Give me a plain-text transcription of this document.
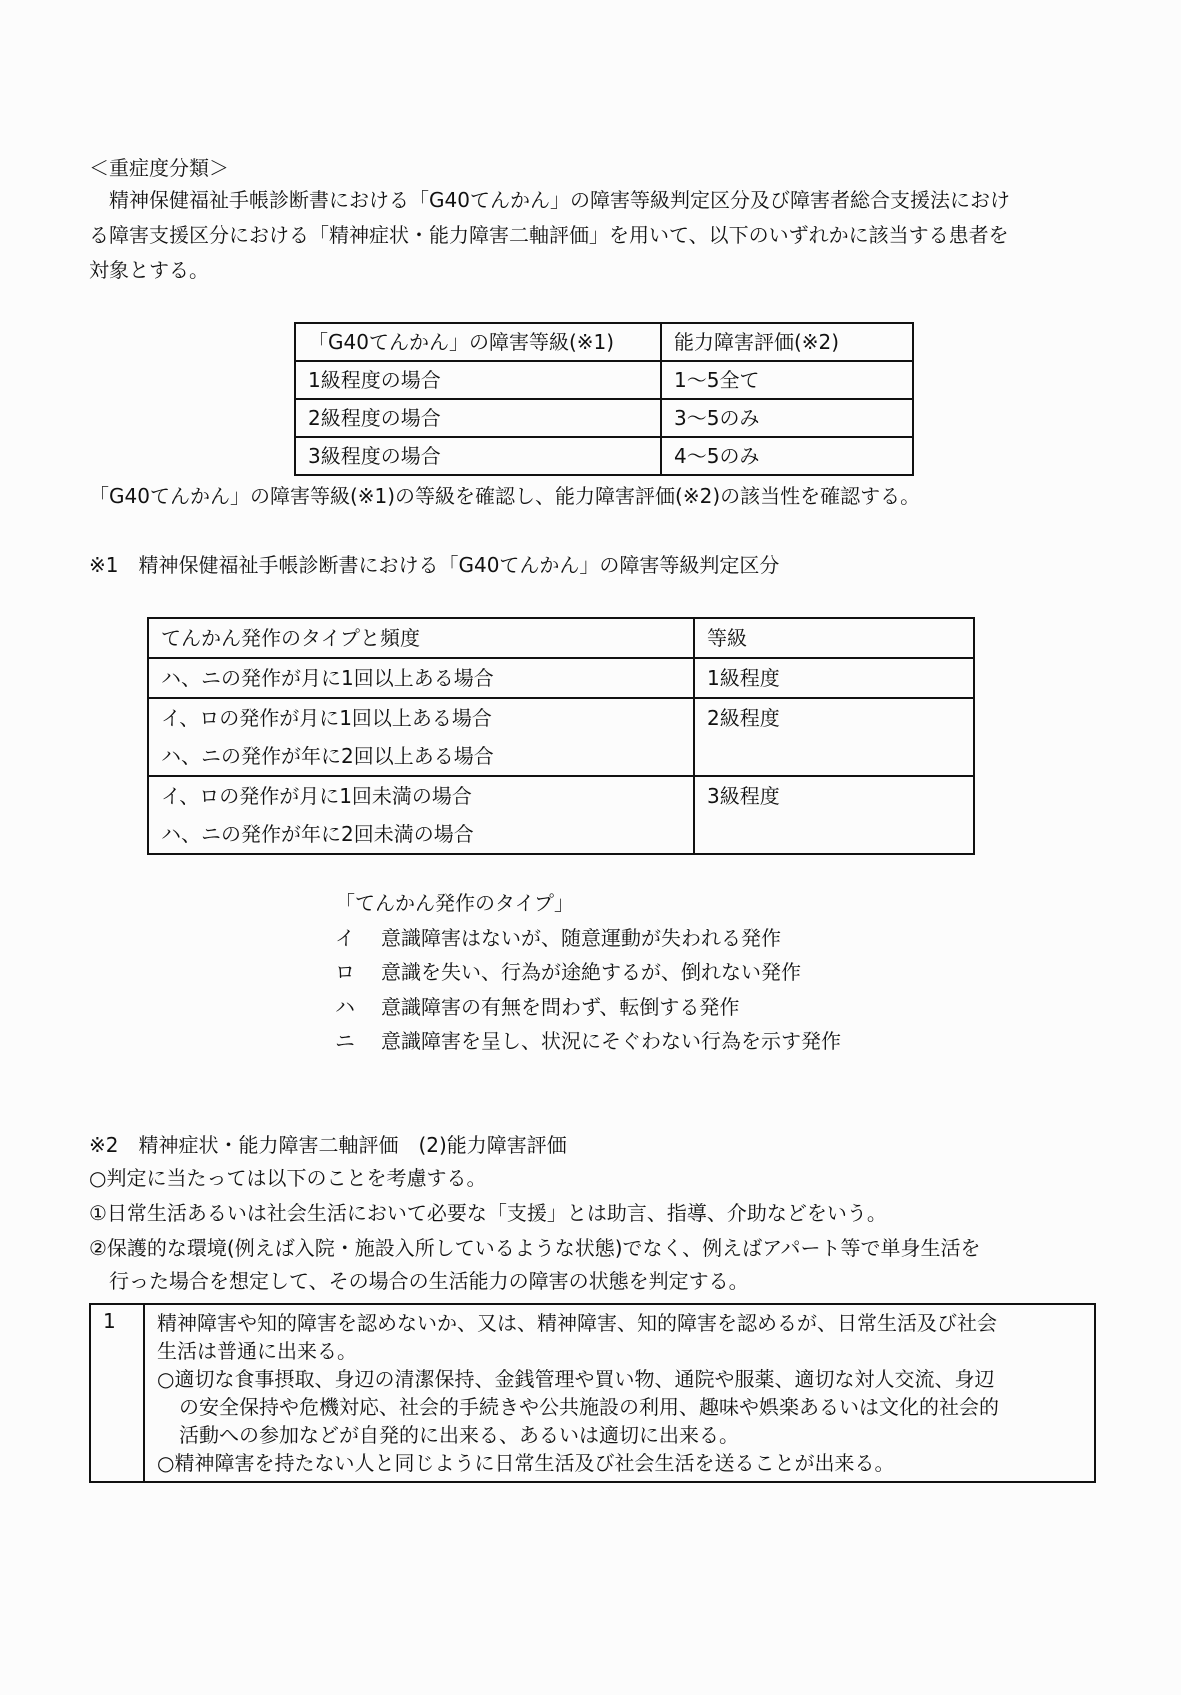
＜重症度分類＞
　精神保健福祉手帳診断書における「G40てんかん」の障害等級判定区分及び障害者総合支援法におけ
る障害支援区分における「精神症状・能力障害二軸評価」を用いて、以下のいずれかに該当する患者を
対象とする。
「G40てんかん」の障害等級(※1)	能力障害評価(※2)
1級程度の場合	1～5全て
2級程度の場合	3～5のみ
3級程度の場合	4～5のみ
「G40てんかん」の障害等級(※1)の等級を確認し、能力障害評価(※2)の該当性を確認する。
※1　精神保健福祉手帳診断書における「G40てんかん」の障害等級判定区分
てんかん発作のタイプと頻度	等級

ハ、ニの発作が月に1回以上ある場合	1級程度

イ、ロの発作が月に1回以上ある場合
ハ、ニの発作が年に2回以上ある場合	2級程度

イ、ロの発作が月に1回未満の場合
ハ、ニの発作が年に2回未満の場合	3級程度
「てんかん発作のタイプ」
イ	意識障害はないが、随意運動が失われる発作
ロ	意識を失い、行為が途絶するが、倒れない発作
ハ	意識障害の有無を問わず、転倒する発作
ニ	意識障害を呈し、状況にそぐわない行為を示す発作
※2　精神症状・能力障害二軸評価　(2)能力障害評価
○判定に当たっては以下のことを考慮する。
①日常生活あるいは社会生活において必要な「支援」とは助言、指導、介助などをいう。
②保護的な環境(例えば入院・施設入所しているような状態)でなく、例えばアパート等で単身生活を
　行った場合を想定して、その場合の生活能力の障害の状態を判定する。
1	精神障害や知的障害を認めないか、又は、精神障害、知的障害を認めるが、日常生活及び社会
生活は普通に出来る。
○適切な食事摂取、身辺の清潔保持、金銭管理や買い物、通院や服薬、適切な対人交流、身辺
の安全保持や危機対応、社会的手続きや公共施設の利用、趣味や娯楽あるいは文化的社会的
活動への参加などが自発的に出来る、あるいは適切に出来る。
○精神障害を持たない人と同じように日常生活及び社会生活を送ることが出来る。
